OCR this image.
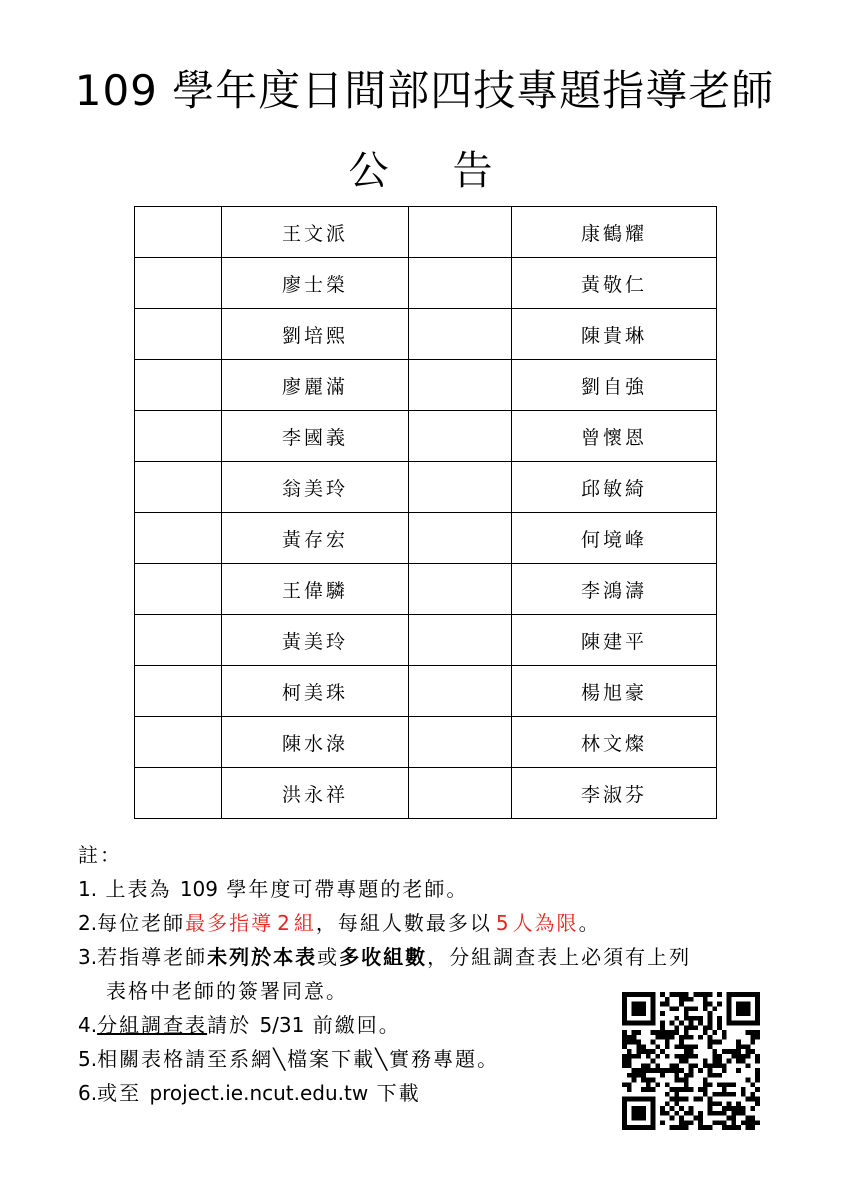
109 學年度日間部四技專題指導老師
公告
	王文派		康鶴耀
	廖士榮		黃敬仁
	劉培熙		陳貴琳
	廖麗滿		劉自強
	李國義		曾懷恩
	翁美玲		邱敏綺
	黃存宏		何境峰
	王偉驎		李鴻濤
	黃美玲		陳建平
	柯美珠		楊旭豪
	陳水淥		林文燦
	洪永祥		李淑芬
註：
1. 上表為 109 學年度可帶專題的老師。
2.每位老師最多指導 2 組，每組人數最多以 5 人為限。
3.若指導老師未列於本表或多收組數，分組調查表上必須有上列
表格中老師的簽署同意。
4.分組調查表請於 5/31 前繳回。
5.相關表格請至系網╲檔案下載╲實務專題。
6.或至 project.ie.ncut.edu.tw 下載
